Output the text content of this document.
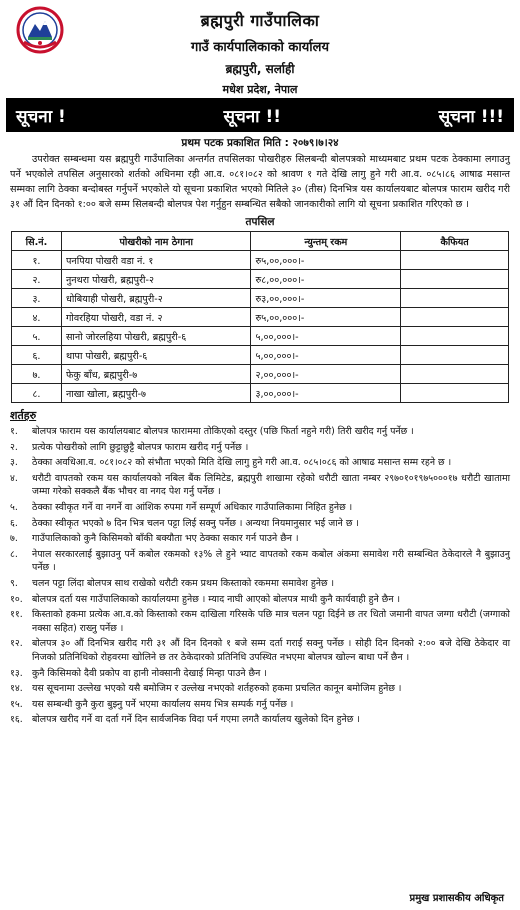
ब्रह्मपुरी गाउँपालिका
गाउँ कार्यपालिकाको कार्यालय
ब्रह्मपुरी, सर्लाही
मधेश प्रदेश, नेपाल
सूचना !	सूचना !!	सूचना !!!
प्रथम पटक प्रकाशित मिति : २०७९।७।२४
उपरोक्त सम्बन्धमा यस ब्रह्मपुरी गाउँपालिका अन्तर्गत तपसिलका पोखरीहरु सिलबन्दी बोलपत्रको माध्यमबाट प्रथम पटक ठेक्कामा लगाउनु पर्ने भएकोले तपसिल अनुसारको शर्तको अधिनमा रही आ.व. ०८१।०८२ को श्रावण १ गते देखि लागु हुने गरी आ.व. ०८५।८६ आषाढ मसान्त सम्मका लागि ठेक्का बन्दोबस्त गर्नुपर्ने भएकोले यो सूचना प्रकाशित भएको मितिले ३० (तीस) दिनभित्र यस कार्यालयबाट बोलपत्र फाराम खरीद गरी ३१ औं दिन दिनको १:०० बजे सम्म सिलबन्दी बोलपत्र पेश गर्नुहुन सम्बन्धित सबैको जानकारीको लागि यो सूचना प्रकाशित गरिएको छ ।
तपसिल
सि.नं.	पोखरीको नाम ठेगाना	न्युन्तम् रकम	कैफियत
१.	पनपिया पोखरी वडा नं. १	रु५,००,०००।-	
२.	नुनथरा पोखरी, ब्रह्मपुरी-२	रु८,००,०००।-	
३.	धोबियाही पोखरी, ब्रह्मपुरी-२	रु३,००,०००।-	
४.	गोवरहिया पोखरी, वडा नं. २	रु५,००,०००।-	
५.	सानो जोरलहिया पोखरी, ब्रह्मपुरी-६	५,००,०००।-	
६.	थापा पोखरी, ब्रह्मपुरी-६	५,००,०००।-	
७.	फेकु बाँध, ब्रह्मपुरी-७	२,००,०००।-	
८.	नाखा खोला, ब्रह्मपुरी-७	३,००,०००।-	
शर्तहरु
१.	बोलपत्र फाराम यस कार्यालयबाट बोलपत्र फाराममा तोकिएको दस्तुर (पछि फिर्ता नहुने गरी) तिरी खरीद गर्नु पर्नेछ ।
२.	प्रत्येक पोखरीको लागि छुट्टाछुट्टै बोलपत्र फाराम खरीद गर्नु पर्नेछ ।
३.	ठेक्का अवधिआ.व. ०८१।०८२ को संभौता भएको मिति देखि लागु हुने गरी आ.व. ०८५।०८६ को आषाढ मसान्त सम्म रहने छ ।
४.	धरौटी वापतको रकम यस कार्यालयको नबिल बैंक लिमिटेड, ब्रह्मपुरी शाखामा रहेको धरौटी खाता नम्बर २९७०१०१९७५०००१७ धरौटी खातामा जम्मा गरेको सक्कलै बैंक भौचर वा नगद पेश गर्नु पर्नेछ ।
५.	ठेक्का स्वीकृत गर्ने वा नगर्ने वा आंशिक रुपमा गर्ने सम्पूर्ण अधिकार गाउँपालिकामा निहित हुनेछ ।
६.	ठेक्का स्वीकृत भएको ७ दिन भित्र चलन पट्टा लिई सक्नु पर्नेछ । अन्यथा नियमानुसार भई जाने छ ।
७.	गाउँपालिकाको कुनै किसिमको बाँकी बक्यौता भए ठेक्का सकार गर्न पाउने छैन ।
८.	नेपाल सरकारलाई बुझाउनु पर्ने कबोल रकमको १३% ले हुने भ्याट वापतको रकम कबोल अंकमा समावेश गरी सम्बन्धित ठेकेदारले नै बुझाउनु पर्नेछ ।
९.	चलन पट्टा लिंदा बोलपत्र साथ राखेको धरौटी रकम प्रथम किस्ताको रकममा समावेश हुनेछ ।
१०. बोलपत्र दर्ता यस गाउँपालिकाको कार्यालयमा हुनेछ । म्याद नाघी आएको बोलपत्र माथी कुनै कार्यवाही हुने छैन ।
११. किस्ताको हकमा प्रत्येक आ.व.को किस्ताको रकम दाखिला गरिसके पछि मात्र चलन पट्टा दिईने छ तर धितो जमानी वापत जग्गा धरौटी (जग्गाको नक्सा सहित) राख्नु पर्नेछ ।
१२. बोलपत्र ३० औं दिनभित्र खरीद गरी ३१ औं दिन दिनको १ बजे सम्म दर्ता गराई सक्नु पर्नेछ । सोही दिन दिनको २:०० बजे देखि ठेकेदार वा निजको प्रतिनिधिको रोहवरमा खोलिने छ तर ठेकेदारको प्रतिनिधि उपस्थित नभएमा बोलपत्र खोल्न बाधा पर्ने छैन ।
१३. कुनै किसिमको दैवी प्रकोप वा हानी नोक्सानी देखाई मिन्हा पाउने छैन ।
१४. यस सूचनामा उल्लेख भएको यसै बमोजिम र उल्लेख नभएको शर्तहरुको हकमा प्रचलित कानून बमोजिम हुनेछ ।
१५. यस सम्बन्धी कुनै कुरा बुझ्नु पर्ने भएमा कार्यालय समय भित्र सम्पर्क गर्नु पर्नेछ ।
१६. बोलपत्र खरीद गर्ने वा दर्ता गर्ने दिन सार्वजनिक विदा पर्न गएमा लगतै कार्यालय खुलेको दिन हुनेछ ।
प्रमुख प्रशासकीय अधिकृत
